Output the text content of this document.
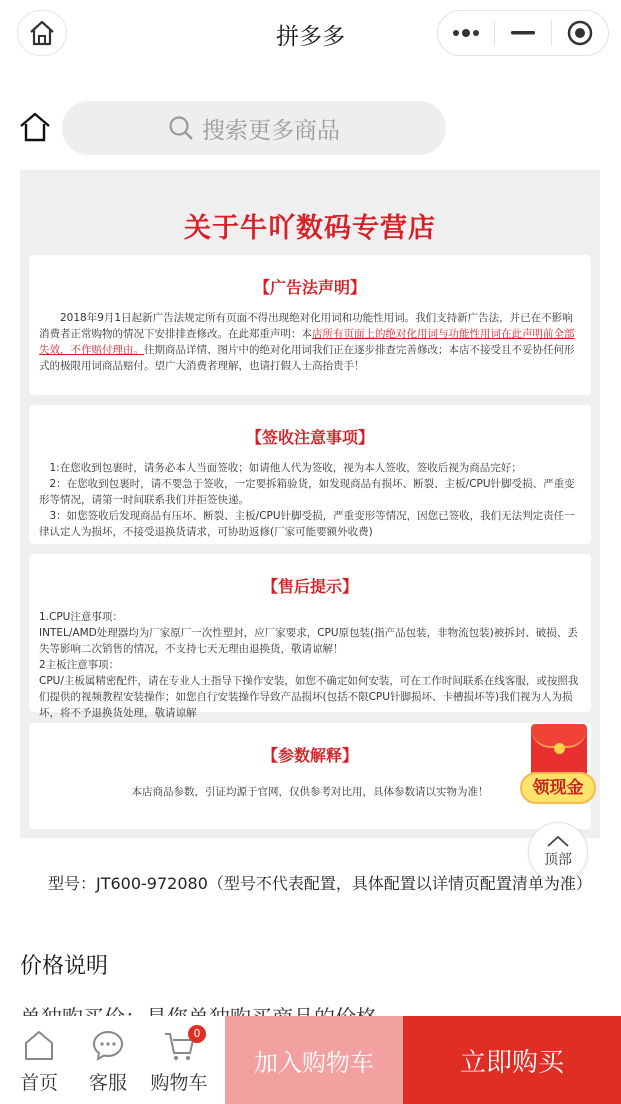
拼多多
搜索更多商品
关于牛吖数码专营店
【广告法声明】

　　2018年9月1日起新广告法规定所有页面不得出现绝对化用词和功能性用词。我们支持新广告法，并已在不影响消费者正常购物的情况下安排排查修改。在此郑重声明：本店所有页面上的绝对化用词与功能性用词在此声明前全部失效，不作赔付理由。往期商品详情、图片中的绝对化用词我们正在逐步排查完善修改；本店不接受且不妥协任何形式的极限用词商品赔付。望广大消费者理解，也请打假人士高抬贵手！

【签收注意事项】

　1:在您收到包裹时，请务必本人当面签收；如请他人代为签收，视为本人签收，签收后视为商品完好；

　2：在您收到包裹时，请不要急于签收，一定要拆箱验货，如发现商品有损坏、断裂、主板/CPU针脚受损、严重变形等情况，请第一时间联系我们并拒签快递。

　3：如您签收后发现商品有压坏、断裂、主板/CPU针脚受损，严重变形等情况，因您已签收，我们无法判定责任一律认定人为损坏，不接受退换货请求，可协助返修(厂家可能要额外收费)

【售后提示】

1.CPU注意事项：

INTEL/AMD处理器均为厂家原厂一次性塑封，应厂家要求，CPU原包装(指产品包装，非物流包装)被拆封、破损、丢失等影响二次销售的情况，不支持七天无理由退换货，敬请谅解！

2主板注意事项：

CPU/主板属精密配件，请在专业人士指导下操作安装，如您不确定如何安装，可在工作时间联系在线客服，或按照我们提供的视频教程安装操作；如您自行安装操作导致产品损坏(包括不限CPU针脚损坏、卡槽损坏等)我们视为人为损坏，将不予退换货处理，敬请谅解

【参数解释】

本店商品参数，引证均源于官网，仅供参考对比用，具体参数请以实物为准！	领现金
顶部
型号：JT600-972080（型号不代表配置，具体配置以详情页配置清单为准）
价格说明
首页 客服
0
购物车
加入购物车	立即购买
